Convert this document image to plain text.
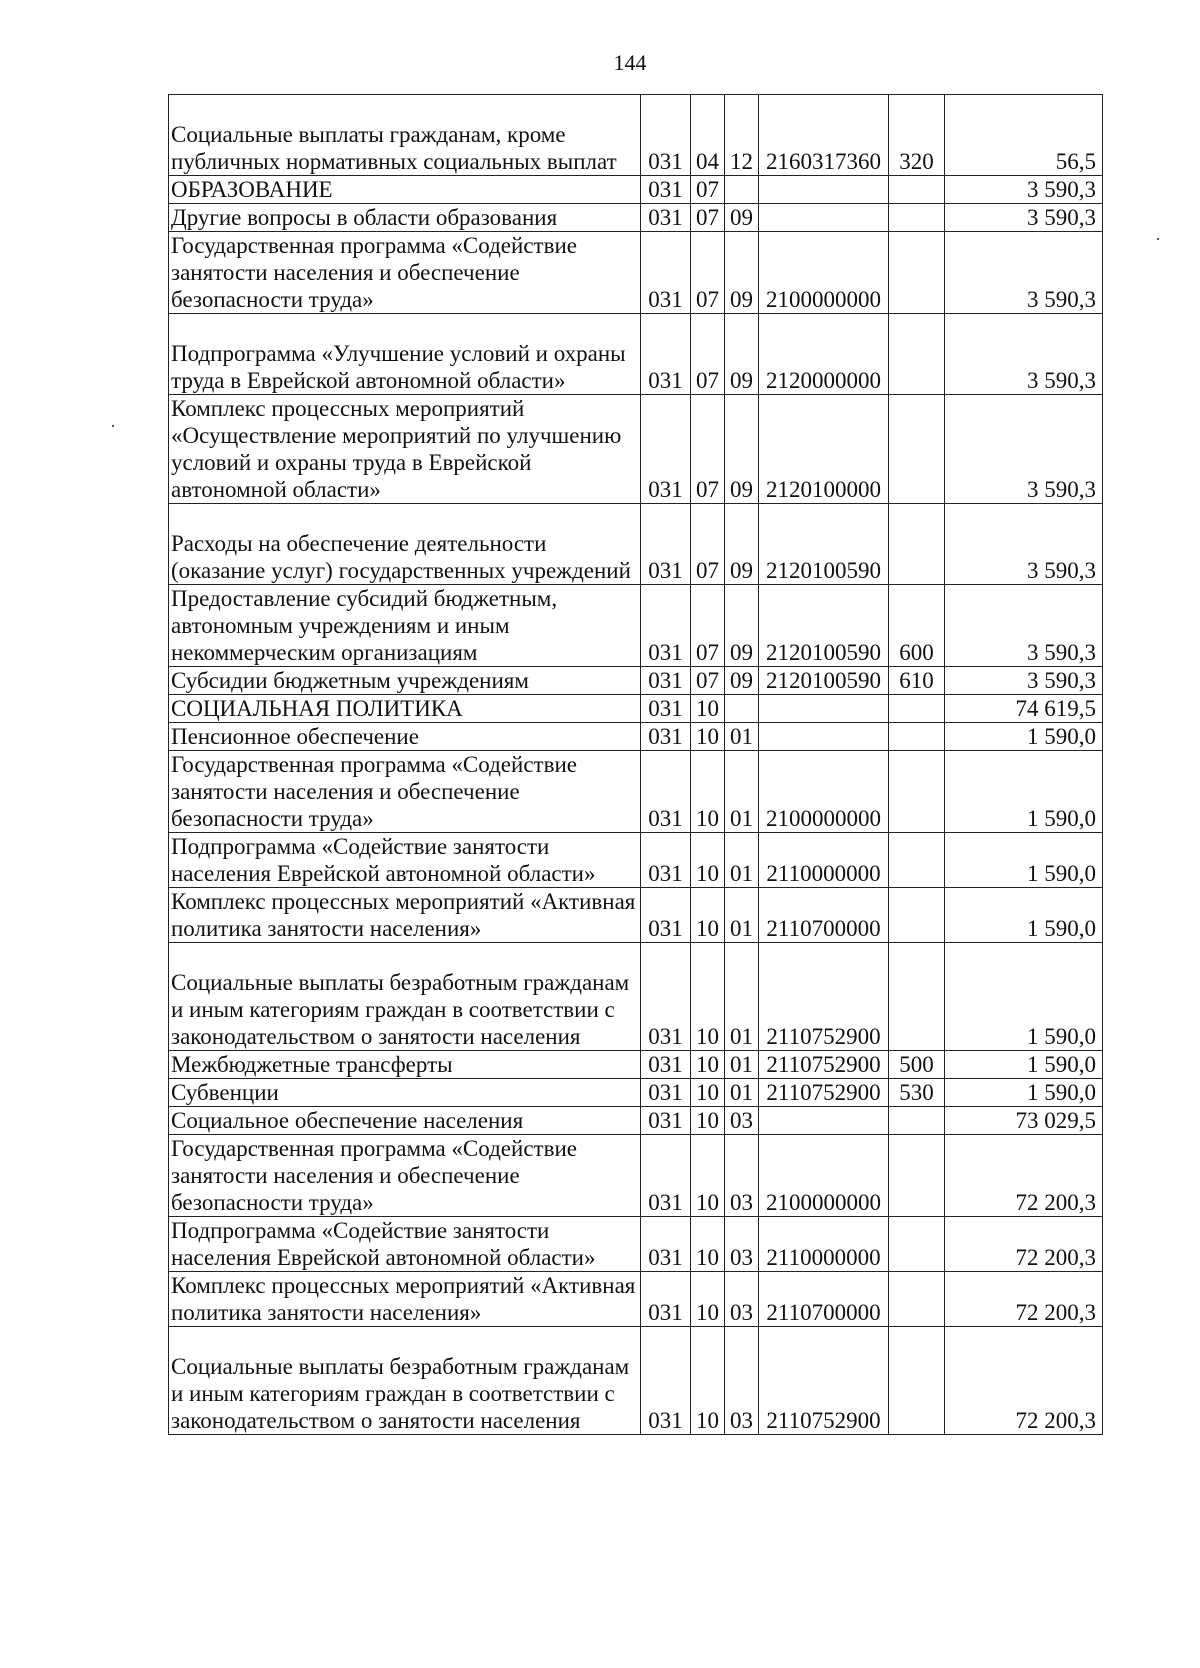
144
Социальные выплаты гражданам, кроме публичных нормативных социальных выплат	031	04	12	2160317360	320	56,5
ОБРАЗОВАНИЕ	031	07				3 590,3
Другие вопросы в области образования	031	07	09			3 590,3
Государственная программа «Содействие занятости населения и обеспечение безопасности труда»	031	07	09	2100000000		3 590,3
Подпрограмма «Улучшение условий и охраны труда в Еврейской автономной области»	031	07	09	2120000000		3 590,3
Комплекс процессных мероприятий «Осуществление мероприятий по улучшению условий и охраны труда в Еврейской автономной области»	031	07	09	2120100000		3 590,3
Расходы на обеспечение деятельности (оказание услуг) государственных учреждений	031	07	09	2120100590		3 590,3
Предоставление субсидий бюджетным, автономным учреждениям и иным некоммерческим организациям	031	07	09	2120100590	600	3 590,3
Субсидии бюджетным учреждениям	031	07	09	2120100590	610	3 590,3
СОЦИАЛЬНАЯ ПОЛИТИКА	031	10				74 619,5
Пенсионное обеспечение	031	10	01			1 590,0
Государственная программа «Содействие занятости населения и обеспечение безопасности труда»	031	10	01	2100000000		1 590,0
Подпрограмма «Содействие занятости населения Еврейской автономной области»	031	10	01	2110000000		1 590,0
Комплекс процессных мероприятий «Активная политика занятости населения»	031	10	01	2110700000		1 590,0
Социальные выплаты безработным гражданам и иным категориям граждан в соответствии с законодательством о занятости населения	031	10	01	2110752900		1 590,0
Межбюджетные трансферты	031	10	01	2110752900	500	1 590,0
Субвенции	031	10	01	2110752900	530	1 590,0
Социальное обеспечение населения	031	10	03			73 029,5
Государственная программа «Содействие занятости населения и обеспечение безопасности труда»	031	10	03	2100000000		72 200,3
Подпрограмма «Содействие занятости населения Еврейской автономной области»	031	10	03	2110000000		72 200,3
Комплекс процессных мероприятий «Активная политика занятости населения»	031	10	03	2110700000		72 200,3
Социальные выплаты безработным гражданам и иным категориям граждан в соответствии с законодательством о занятости населения	031	10	03	2110752900		72 200,3
